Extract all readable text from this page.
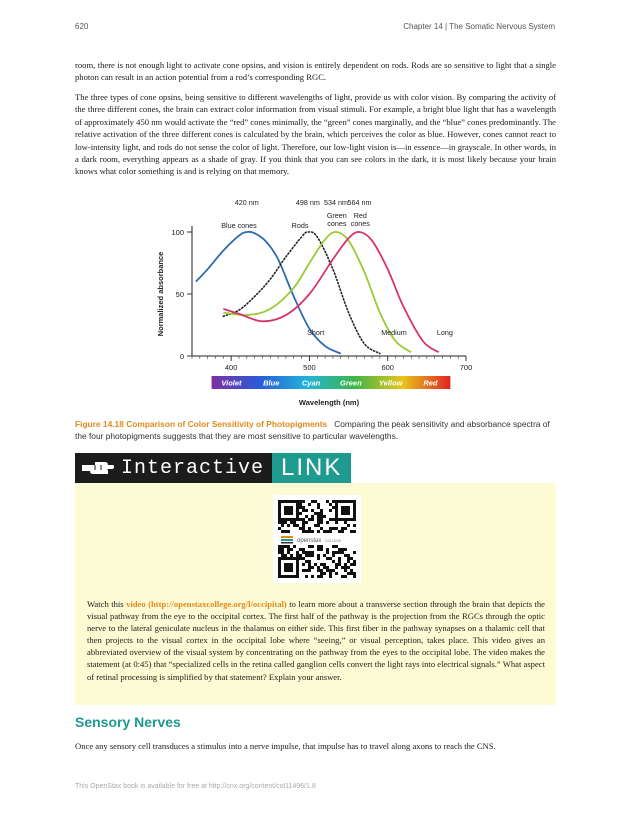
620	Chapter 14 | The Somatic Nervous System

room, there is not enough light to activate cone opsins, and vision is entirely dependent on rods. Rods are so sensitive to light that a single photon can result in an action potential from a rod’s corresponding RGC.

The three types of cone opsins, being sensitive to different wavelengths of light, provide us with color vision. By comparing the activity of the three different cones, the brain can extract color information from visual stimuli. For example, a bright blue light that has a wavelength of approximately 450 nm would activate the “red” cones minimally, the “green” cones marginally, and the “blue” cones predominantly. The relative activation of the three different cones is calculated by the brain, which perceives the color as blue. However, cones cannot react to low-intensity light, and rods do not sense the color of light. Therefore, our low-light vision is—in essence—in grayscale. In other words, in a dark room, everything appears as a shade of gray. If you think that you can see colors in the dark, it is most likely because your brain knows what color something is and is relying on that memory.

400	500	600	700
0
50
100
Normalized absorbance
Wavelength (nm)
Violet	Blue	Cyan	Green Yellow	Red
420 nm	498 nm 534 nm 564 nm
Blue cones	Rods
Green
cones
Red
cones
Short	Medium	Long
Figure 14.18 Comparison of Color Sensitivity of Photopigments Comparing the peak sensitivity and absorbance spectra of the four photopigments suggests that they are most sensitive to particular wavelengths.
Interactive LINK
openstax COLLEGE
Watch this video (http://openstaxcollege.org/l/occipital) to learn more about a transverse section through the brain that depicts the visual pathway from the eye to the occipital cortex. The first half of the pathway is the projection from the RGCs through the optic nerve to the lateral geniculate nucleus in the thalamus on either side. This first fiber in the pathway synapses on a thalamic cell that then projects to the visual cortex in the occipital lobe where “seeing,” or visual perception, takes place. This video gives an abbreviated overview of the visual system by concentrating on the pathway from the eyes to the occipital lobe. The video makes the statement (at 0:45) that “specialized cells in the retina called ganglion cells convert the light rays into electrical signals.” What aspect of retinal processing is simplified by that statement? Explain your answer.
Sensory Nerves

Once any sensory cell transduces a stimulus into a nerve impulse, that impulse has to travel along axons to reach the CNS.

This OpenStax book is available for free at http://cnx.org/content/col11496/1.8
